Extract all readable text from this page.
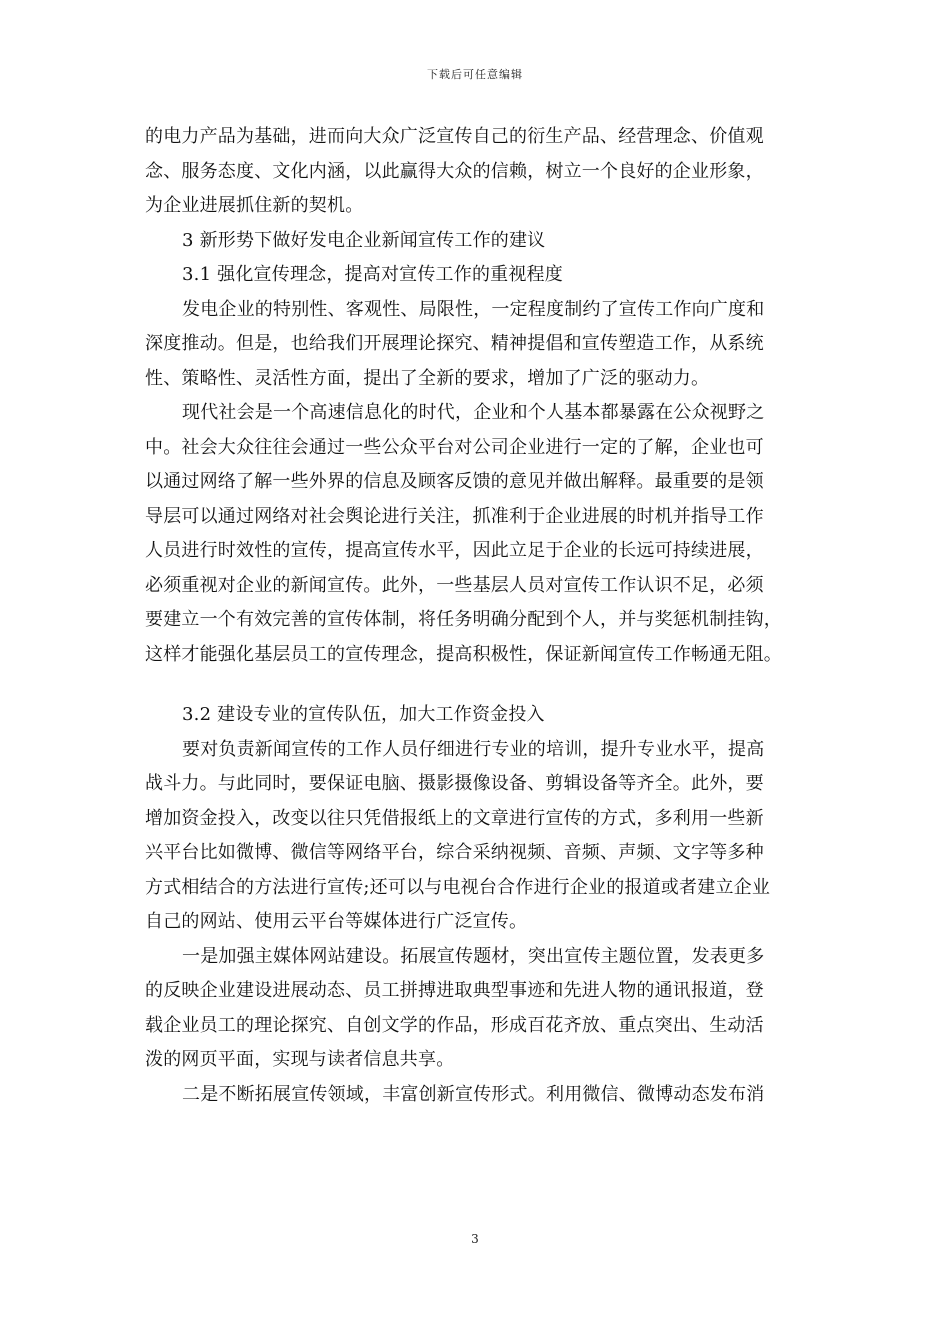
下载后可任意编辑
的电力产品为基础，进而向大众广泛宣传自己的衍生产品、经营理念、价值观
念、服务态度、文化内涵，以此赢得大众的信赖，树立一个良好的企业形象，
为企业进展抓住新的契机。
3 新形势下做好发电企业新闻宣传工作的建议
3.1 强化宣传理念，提高对宣传工作的重视程度
发电企业的特别性、客观性、局限性，一定程度制约了宣传工作向广度和
深度推动。但是，也给我们开展理论探究、精神提倡和宣传塑造工作，从系统
性、策略性、灵活性方面，提出了全新的要求，增加了广泛的驱动力。
现代社会是一个高速信息化的时代，企业和个人基本都暴露在公众视野之
中。社会大众往往会通过一些公众平台对公司企业进行一定的了解，企业也可
以通过网络了解一些外界的信息及顾客反馈的意见并做出解释。最重要的是领
导层可以通过网络对社会舆论进行关注，抓准利于企业进展的时机并指导工作
人员进行时效性的宣传，提高宣传水平，因此立足于企业的长远可持续进展，
必须重视对企业的新闻宣传。此外，一些基层人员对宣传工作认识不足，必须
要建立一个有效完善的宣传体制，将任务明确分配到个人，并与奖惩机制挂钩，
这样才能强化基层员工的宣传理念，提高积极性，保证新闻宣传工作畅通无阻。
3.2 建设专业的宣传队伍，加大工作资金投入
要对负责新闻宣传的工作人员仔细进行专业的培训，提升专业水平，提高
战斗力。与此同时，要保证电脑、摄影摄像设备、剪辑设备等齐全。此外，要
增加资金投入，改变以往只凭借报纸上的文章进行宣传的方式，多利用一些新
兴平台比如微博、微信等网络平台，综合采纳视频、音频、声频、文字等多种
方式相结合的方法进行宣传;还可以与电视台合作进行企业的报道或者建立企业
自己的网站、使用云平台等媒体进行广泛宣传。
一是加强主媒体网站建设。拓展宣传题材，突出宣传主题位置，发表更多
的反映企业建设进展动态、员工拼搏进取典型事迹和先进人物的通讯报道，登
载企业员工的理论探究、自创文学的作品，形成百花齐放、重点突出、生动活
泼的网页平面，实现与读者信息共享。
二是不断拓展宣传领域，丰富创新宣传形式。利用微信、微博动态发布消
3
